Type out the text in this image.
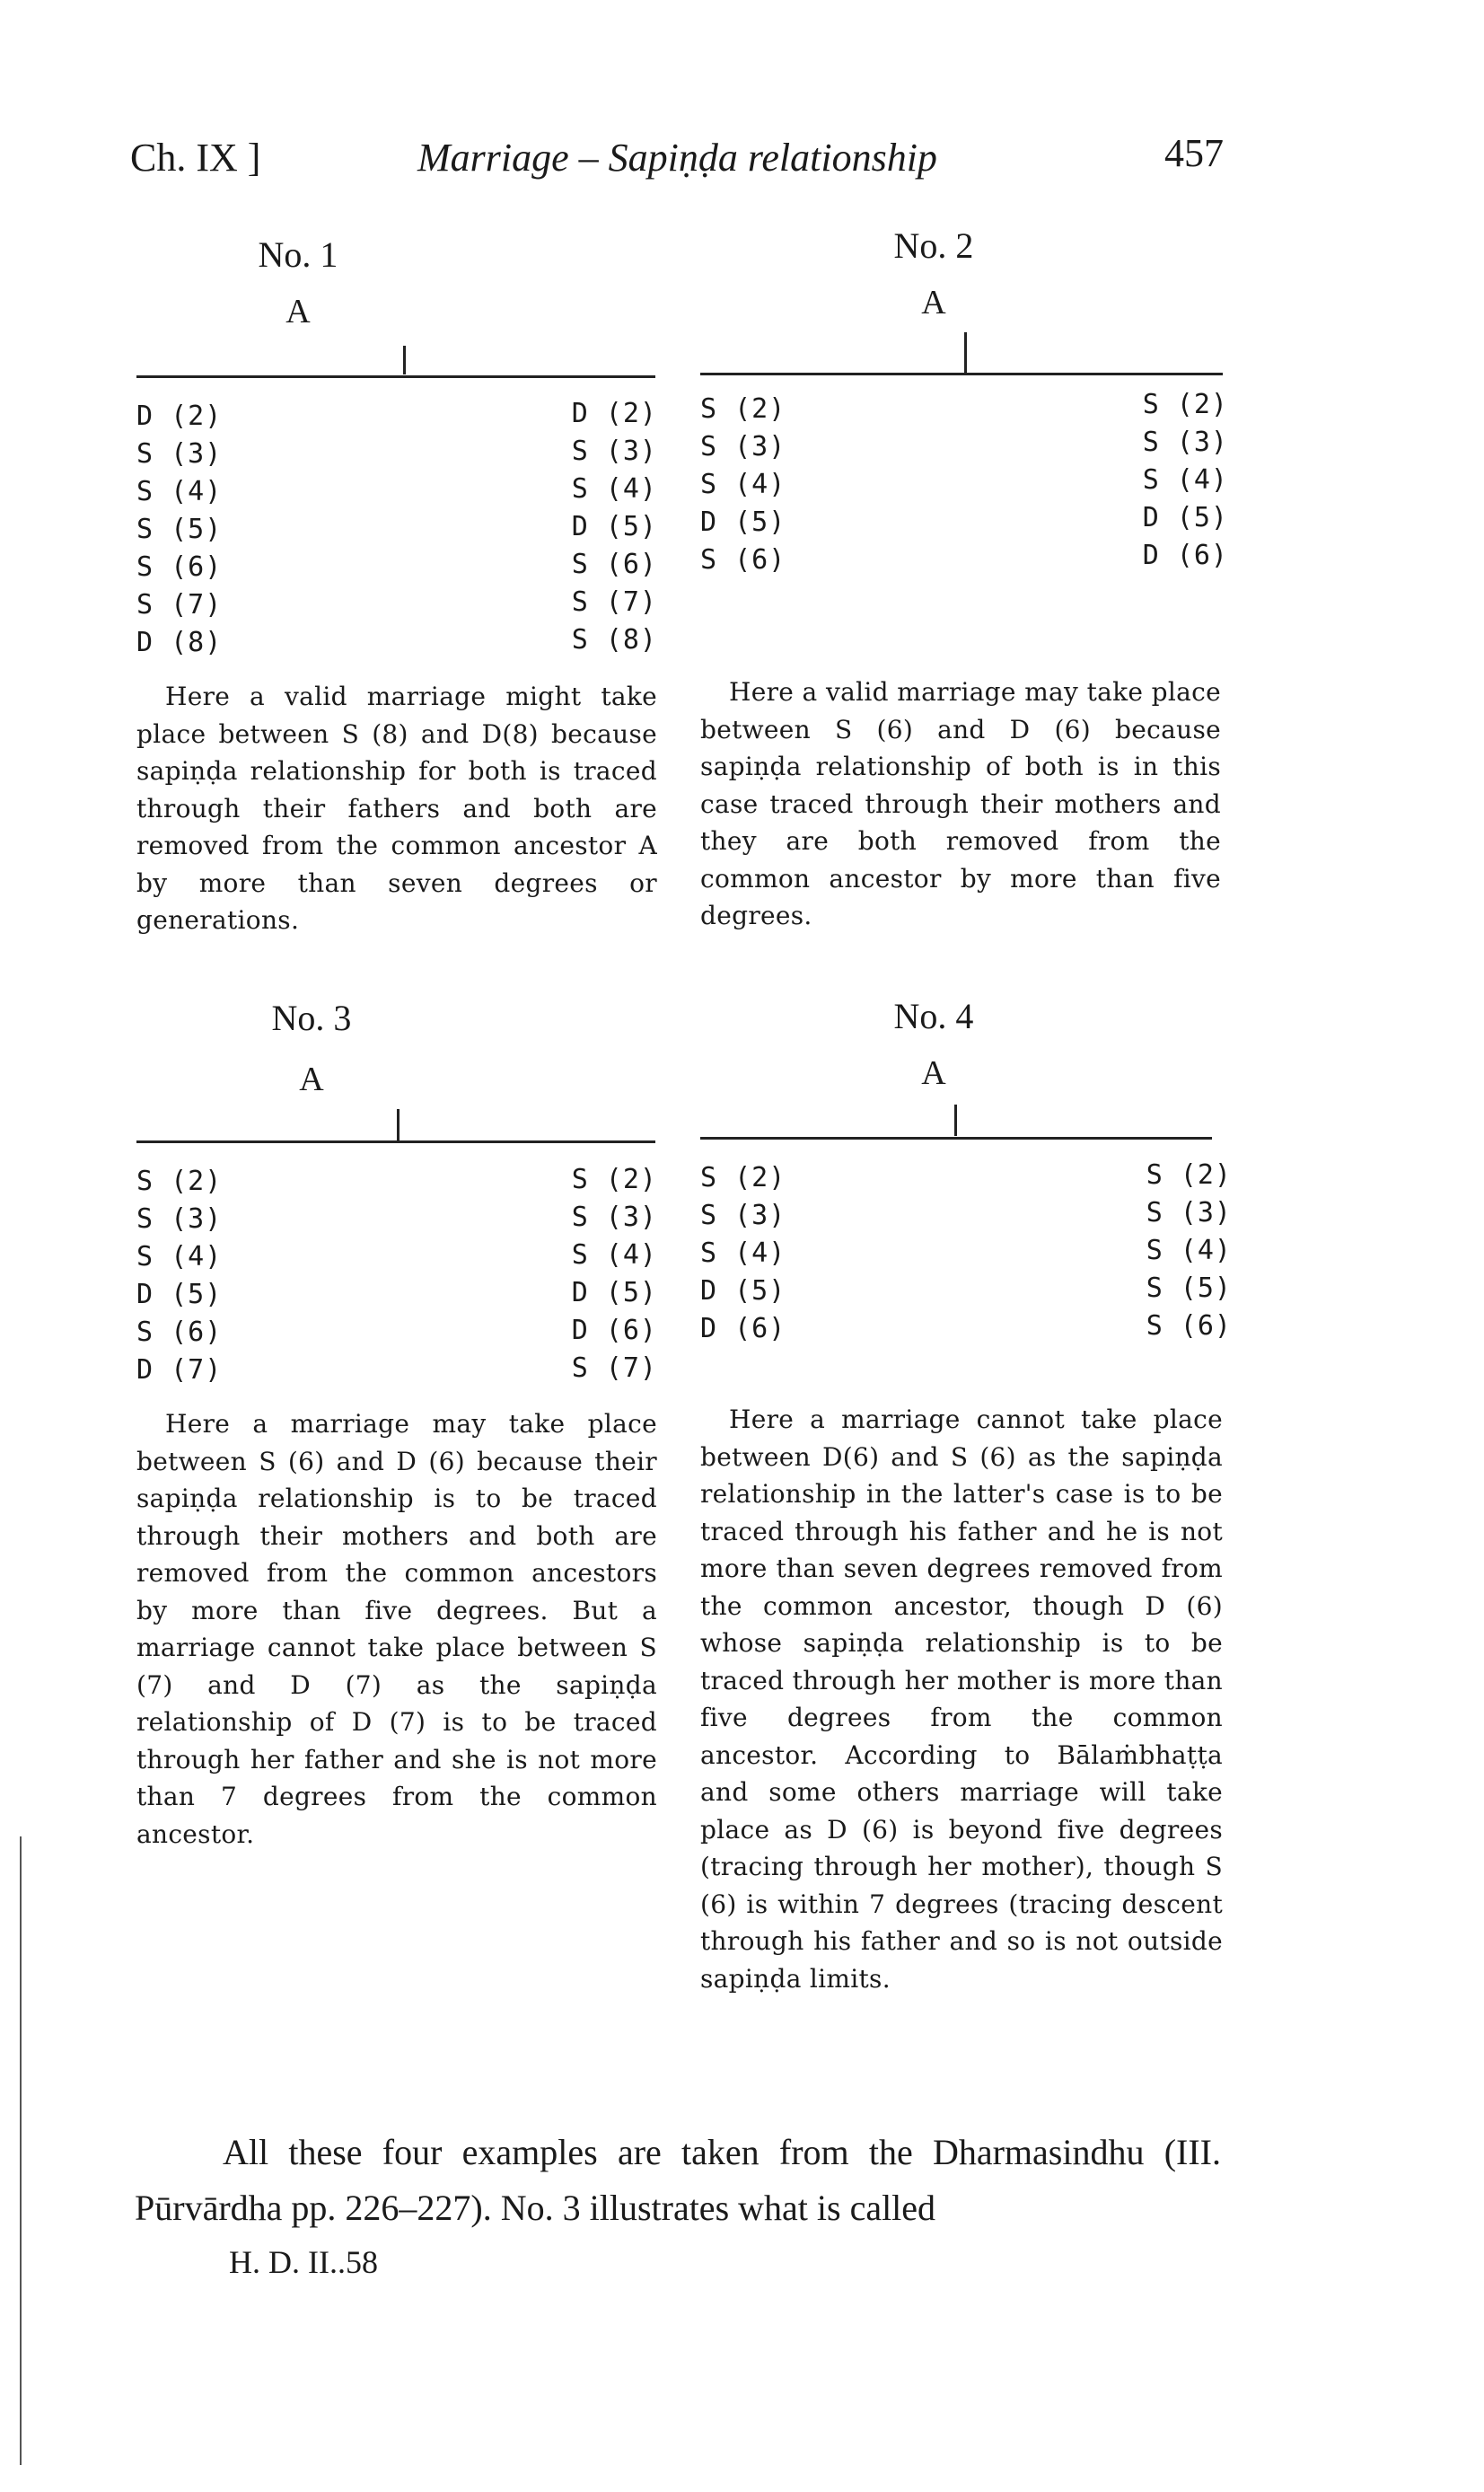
Ch. IX ]	Marriage – Sapiṇḍa relationship	457
No. 1
A
D (2)
S (3)
S (4)
S (5)
S (6)
S (7)
D (8)
D (2)
S (3)
S (4)
D (5)
S (6)
S (7)
S (8)
Here a valid marriage might take place between S (8) and D(8) because sapiṇḍa relationship for both is traced through their fathers and both are removed from the common ancestor A by more than seven degrees or generations.
No. 2
A
S (2)
S (3)
S (4)
D (5)
S (6)
S (2)
S (3)
S (4)
D (5)
D (6)
Here a valid marriage may take place between S (6) and D (6) because sapiṇḍa relationship of both is in this case traced through their mothers and they are both removed from the common ancestor by more than five degrees.
No. 3
A
S (2)
S (3)
S (4)
D (5)
S (6)
D (7)
S (2)
S (3)
S (4)
D (5)
D (6)
S (7)
Here a marriage may take place between S (6) and D (6) because their sapiṇḍa relationship is to be traced through their mothers and both are removed from the common ancestors by more than five degrees. But a marriage cannot take place between S (7) and D (7) as the sapiṇḍa relationship of D (7) is to be traced through her father and she is not more than 7 degrees from the common ancestor.
No. 4
A
S (2)
S (3)
S (4)
D (5)
D (6)
S (2)
S (3)
S (4)
S (5)
S (6)
Here a marriage cannot take place between D(6) and S (6) as the sapiṇḍa relationship in the latter's case is to be traced through his father and he is not more than seven degrees removed from the common ancestor, though D (6) whose sapiṇḍa relationship is to be traced through her mother is more than five degrees from the common ancestor. According to Bālaṁbhaṭṭa and some others marriage will take place as D (6) is beyond five degrees (tracing through her mother), though S (6) is within 7 degrees (tracing descent through his father and so is not outside sapiṇḍa limits.
All these four examples are taken from the Dharmasindhu (III. Pūrvārdha pp. 226–227). No. 3 illustrates what is called
H. D. II..58
